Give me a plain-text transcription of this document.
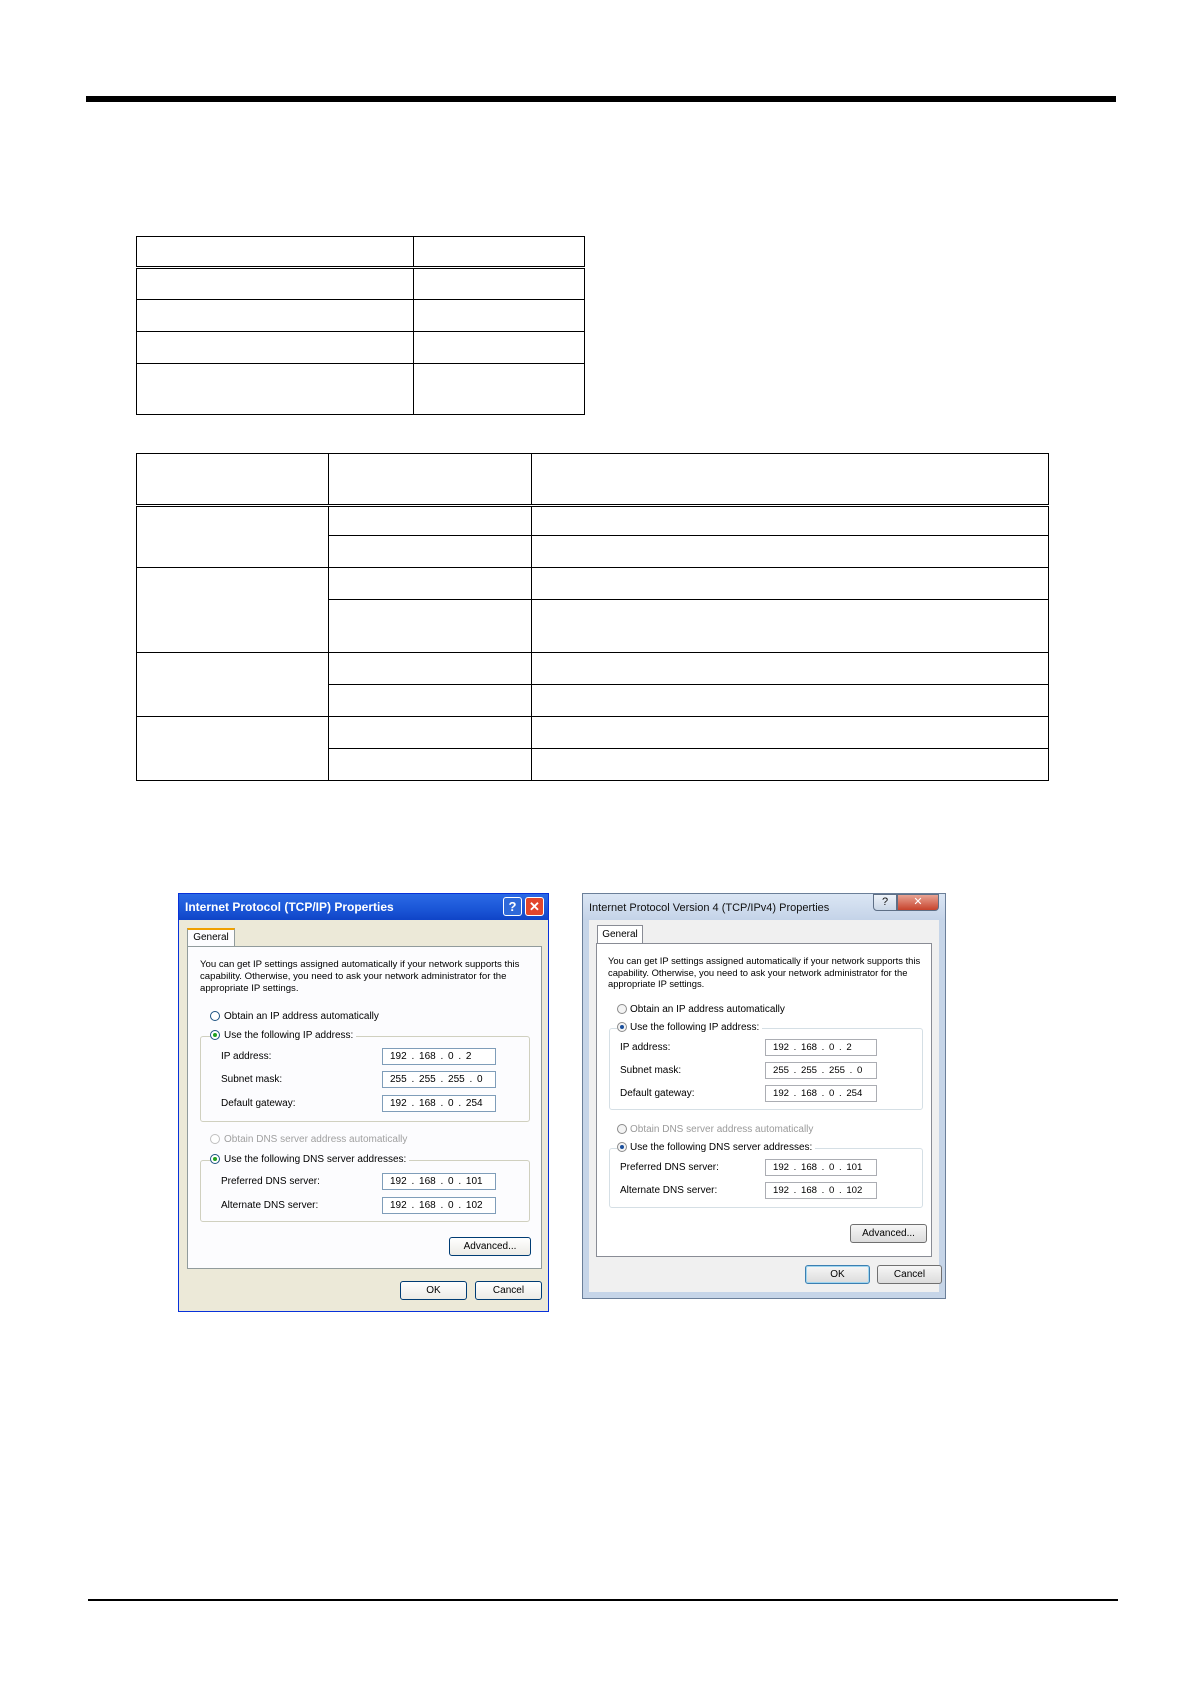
Internet Protocol (TCP/IP) Properties	? ✕
General
You can get IP settings assigned automatically if your network supports this capability. Otherwise, you need to ask your network administrator for the appropriate IP settings.
Obtain an IP address automatically
Use the following IP address:
IP address:	192 . 168 . 0 . 2
Subnet mask:	255 . 255 . 255 . 0
Default gateway:	192 . 168 . 0 . 254
Obtain DNS server address automatically
Use the following DNS server addresses:
Preferred DNS server:	192 . 168 . 0 . 101
Alternate DNS server:	192 . 168 . 0 . 102
Advanced...
OK	Cancel
Internet Protocol Version 4 (TCP/IPv4) Properties	?	✕
General
You can get IP settings assigned automatically if your network supports this capability. Otherwise, you need to ask your network administrator for the appropriate IP settings.
Obtain an IP address automatically
Use the following IP address:
IP address:	192 . 168 . 0 . 2
Subnet mask:	255 . 255 . 255 . 0
Default gateway:	192 . 168 . 0 . 254
Obtain DNS server address automatically
Use the following DNS server addresses:
Preferred DNS server:	192 . 168 . 0 . 101
Alternate DNS server:	192 . 168 . 0 . 102
Advanced...
OK	Cancel
